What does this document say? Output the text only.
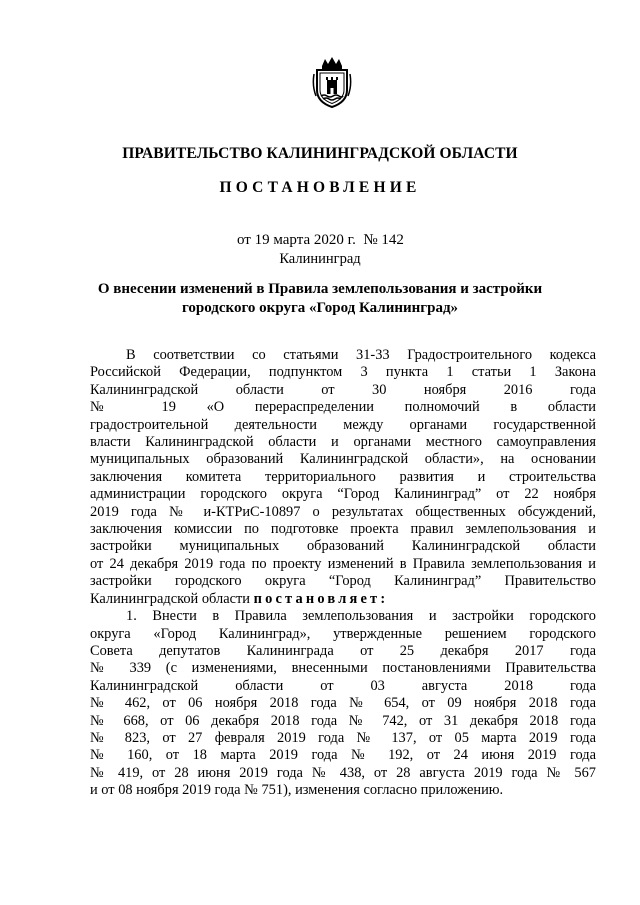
ПРАВИТЕЛЬСТВО КАЛИНИНГРАДСКОЙ ОБЛАСТИ
ПОСТАНОВЛЕНИЕ
от 19 марта 2020 г.  № 142
Калининград
О внесении изменений в Правила землепользования и застройки
городского округа «Город Калининград»
В соответствии со статьями 31-33 Градостроительного кодекса
Российской Федерации, подпунктом 3 пункта 1 статьи 1 Закона
Калининградской области от 30 ноября 2016 года
№ 19 «О перераспределении полномочий в области
градостроительной деятельности между органами государственной
власти Калининградской области и органами местного самоуправления
муниципальных образований Калининградской области», на основании
заключения комитета территориального развития и строительства
администрации городского округа “Город Калининград” от 22 ноября
2019 года № и-КТРиС-10897 о результатах общественных обсуждений,
заключения комиссии по подготовке проекта правил землепользования и
застройки муниципальных образований Калининградской области
от 24 декабря 2019 года по проекту изменений в Правила землепользования и
застройки городского округа “Город Калининград” Правительство
Калининградской области постановляет:
1. Внести в Правила землепользования и застройки городского
округа «Город Калининград», утвержденные решением городского
Совета депутатов Калининграда от 25 декабря 2017 года
№ 339 (с изменениями, внесенными постановлениями Правительства
Калининградской области от 03 августа 2018 года
№ 462, от 06 ноября 2018 года № 654, от 09 ноября 2018 года
№ 668, от 06 декабря 2018 года № 742, от 31 декабря 2018 года
№ 823, от 27 февраля 2019 года № 137, от 05 марта 2019 года
№ 160, от 18 марта 2019 года № 192, от 24 июня 2019 года
№ 419, от 28 июня 2019 года № 438, от 28 августа 2019 года № 567
и от 08 ноября 2019 года № 751), изменения согласно приложению.
